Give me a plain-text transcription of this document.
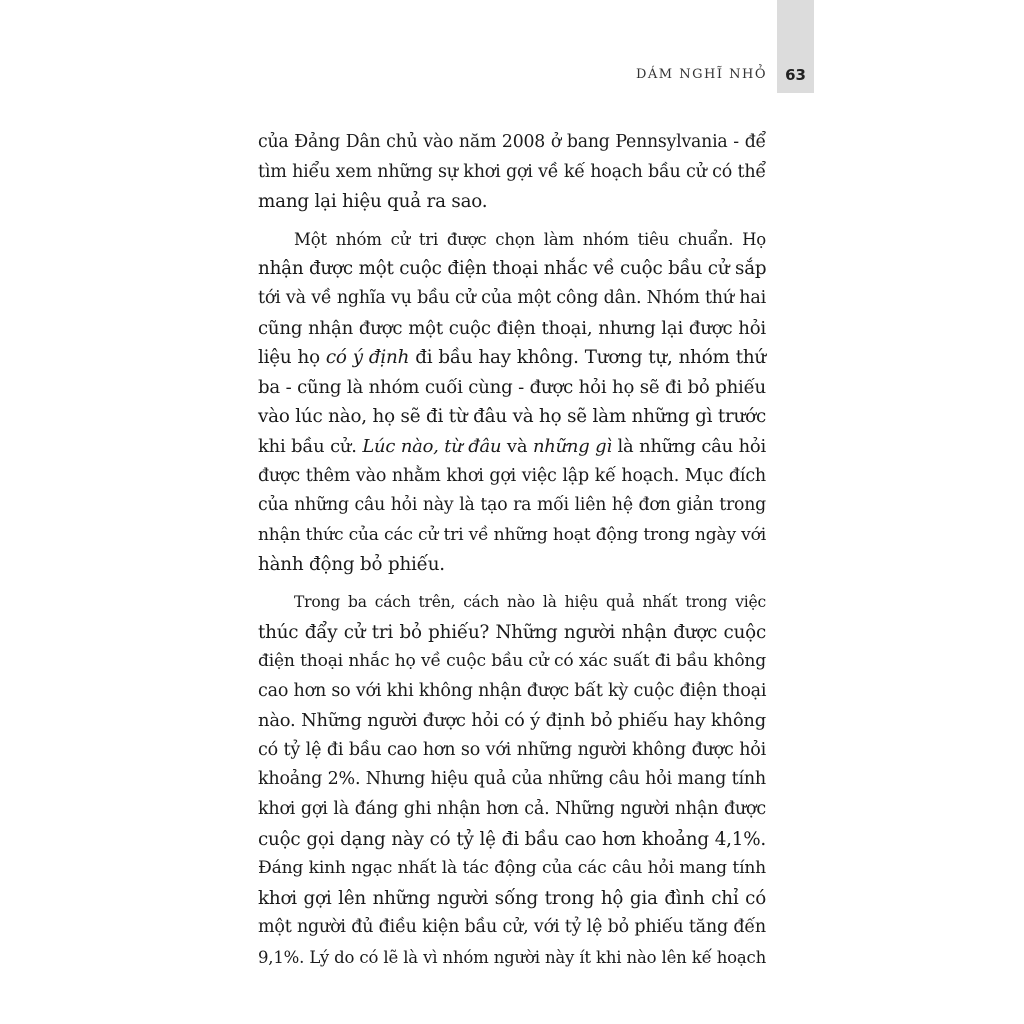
63
DÁM NGHĨ NHỎ

của Đảng Dân chủ vào năm 2008 ở bang Pennsylvania - để
tìm hiểu xem những sự khơi gợi về kế hoạch bầu cử có thể
mang lại hiệu quả ra sao.

Một nhóm cử tri được chọn làm nhóm tiêu chuẩn. Họ
nhận được một cuộc điện thoại nhắc về cuộc bầu cử sắp
tới và về nghĩa vụ bầu cử của một công dân. Nhóm thứ hai
cũng nhận được một cuộc điện thoại, nhưng lại được hỏi
liệu họ có ý định đi bầu hay không. Tương tự, nhóm thứ
ba - cũng là nhóm cuối cùng - được hỏi họ sẽ đi bỏ phiếu
vào lúc nào, họ sẽ đi từ đâu và họ sẽ làm những gì trước
khi bầu cử. Lúc nào, từ đâu và những gì là những câu hỏi
được thêm vào nhằm khơi gợi việc lập kế hoạch. Mục đích
của những câu hỏi này là tạo ra mối liên hệ đơn giản trong
nhận thức của các cử tri về những hoạt động trong ngày với
hành động bỏ phiếu.

Trong ba cách trên, cách nào là hiệu quả nhất trong việc
thúc đẩy cử tri bỏ phiếu? Những người nhận được cuộc
điện thoại nhắc họ về cuộc bầu cử có xác suất đi bầu không
cao hơn so với khi không nhận được bất kỳ cuộc điện thoại
nào. Những người được hỏi có ý định bỏ phiếu hay không
có tỷ lệ đi bầu cao hơn so với những người không được hỏi
khoảng 2%. Nhưng hiệu quả của những câu hỏi mang tính
khơi gợi là đáng ghi nhận hơn cả. Những người nhận được
cuộc gọi dạng này có tỷ lệ đi bầu cao hơn khoảng 4,1%.
Đáng kinh ngạc nhất là tác động của các câu hỏi mang tính
khơi gợi lên những người sống trong hộ gia đình chỉ có
một người đủ điều kiện bầu cử, với tỷ lệ bỏ phiếu tăng đến
9,1%. Lý do có lẽ là vì nhóm người này ít khi nào lên kế hoạch
